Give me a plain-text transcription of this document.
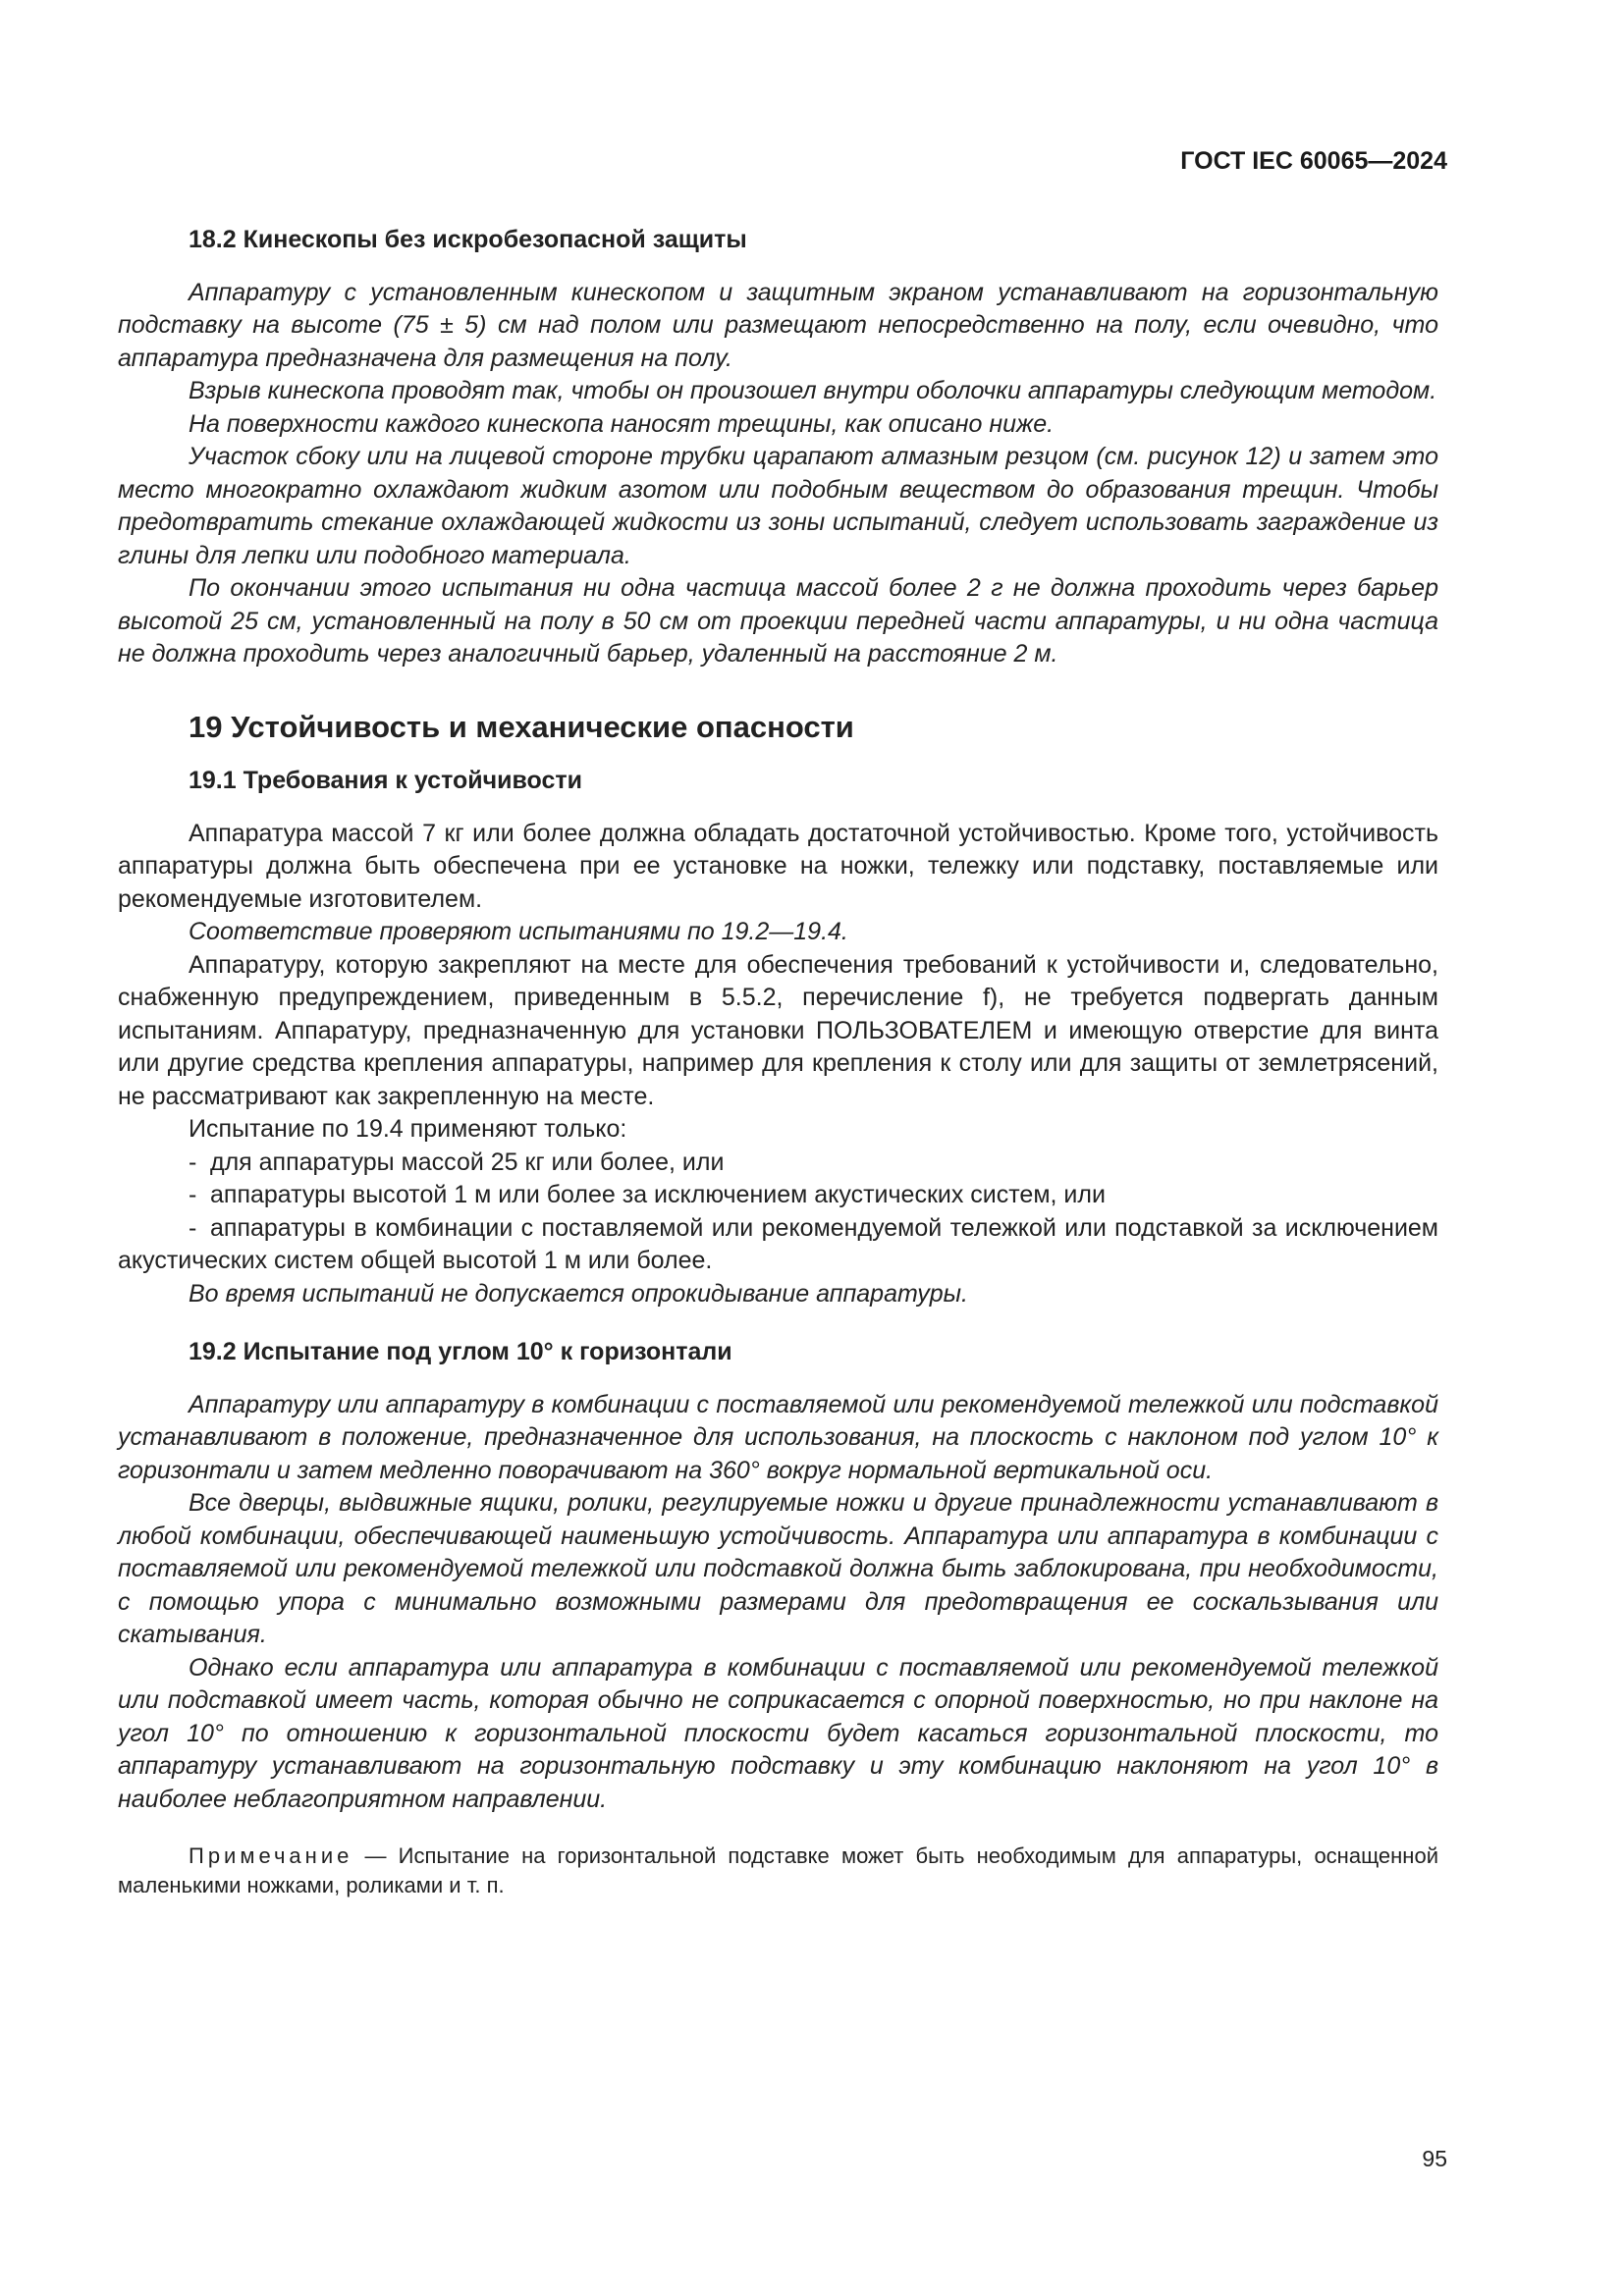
ГОСТ IEC 60065—2024
18.2 Кинескопы без искробезопасной защиты

Аппаратуру с установленным кинескопом и защитным экраном устанавливают на горизонтальную подставку на высоте (75 ± 5) см над полом или размещают непосредственно на полу, если очевидно, что аппаратура предназначена для размещения на полу.

Взрыв кинескопа проводят так, чтобы он произошел внутри оболочки аппаратуры следующим методом.

На поверхности каждого кинескопа наносят трещины, как описано ниже.

Участок сбоку или на лицевой стороне трубки царапают алмазным резцом (см. рисунок 12) и затем это место многократно охлаждают жидким азотом или подобным веществом до образования трещин. Чтобы предотвратить стекание охлаждающей жидкости из зоны испытаний, следует использовать заграждение из глины для лепки или подобного материала.

По окончании этого испытания ни одна частица массой более 2 г не должна проходить через барьер высотой 25 см, установленный на полу в 50 см от проекции передней части аппаратуры, и ни одна частица не должна проходить через аналогичный барьер, удаленный на расстояние 2 м.

19 Устойчивость и механические опасности
19.1 Требования к устойчивости

Аппаратура массой 7 кг или более должна обладать достаточной устойчивостью. Кроме того, устойчивость аппаратуры должна быть обеспечена при ее установке на ножки, тележку или подставку, поставляемые или рекомендуемые изготовителем.

Соответствие проверяют испытаниями по 19.2—19.4.

Аппаратуру, которую закрепляют на месте для обеспечения требований к устойчивости и, следовательно, снабженную предупреждением, приведенным в 5.5.2, перечисление f), не требуется подвергать данным испытаниям. Аппаратуру, предназначенную для установки ПОЛЬЗОВАТЕЛЕМ и имеющую отверстие для винта или другие средства крепления аппаратуры, например для крепления к столу или для защиты от землетрясений, не рассматривают как закрепленную на месте.

Испытание по 19.4 применяют только:

- для аппаратуры массой 25 кг или более, или
- аппаратуры высотой 1 м или более за исключением акустических систем, или
- аппаратуры в комбинации с поставляемой или рекомендуемой тележкой или подставкой за исключением акустических систем общей высотой 1 м или более.

Во время испытаний не допускается опрокидывание аппаратуры.

19.2 Испытание под углом 10° к горизонтали

Аппаратуру или аппаратуру в комбинации с поставляемой или рекомендуемой тележкой или подставкой устанавливают в положение, предназначенное для использования, на плоскость с наклоном под углом 10° к горизонтали и затем медленно поворачивают на 360° вокруг нормальной вертикальной оси.

Все дверцы, выдвижные ящики, ролики, регулируемые ножки и другие принадлежности устанавливают в любой комбинации, обеспечивающей наименьшую устойчивость. Аппаратура или аппаратура в комбинации с поставляемой или рекомендуемой тележкой или подставкой должна быть заблокирована, при необходимости, с помощью упора с минимально возможными размерами для предотвращения ее соскальзывания или скатывания.

Однако если аппаратура или аппаратура в комбинации с поставляемой или рекомендуемой тележкой или подставкой имеет часть, которая обычно не соприкасается с опорной поверхностью, но при наклоне на угол 10° по отношению к горизонтальной плоскости будет касаться горизонтальной плоскости, то аппаратуру устанавливают на горизонтальную подставку и эту комбинацию наклоняют на угол 10° в наиболее неблагоприятном направлении.

Примечание — Испытание на горизонтальной подставке может быть необходимым для аппаратуры, оснащенной маленькими ножками, роликами и т. п.

95
